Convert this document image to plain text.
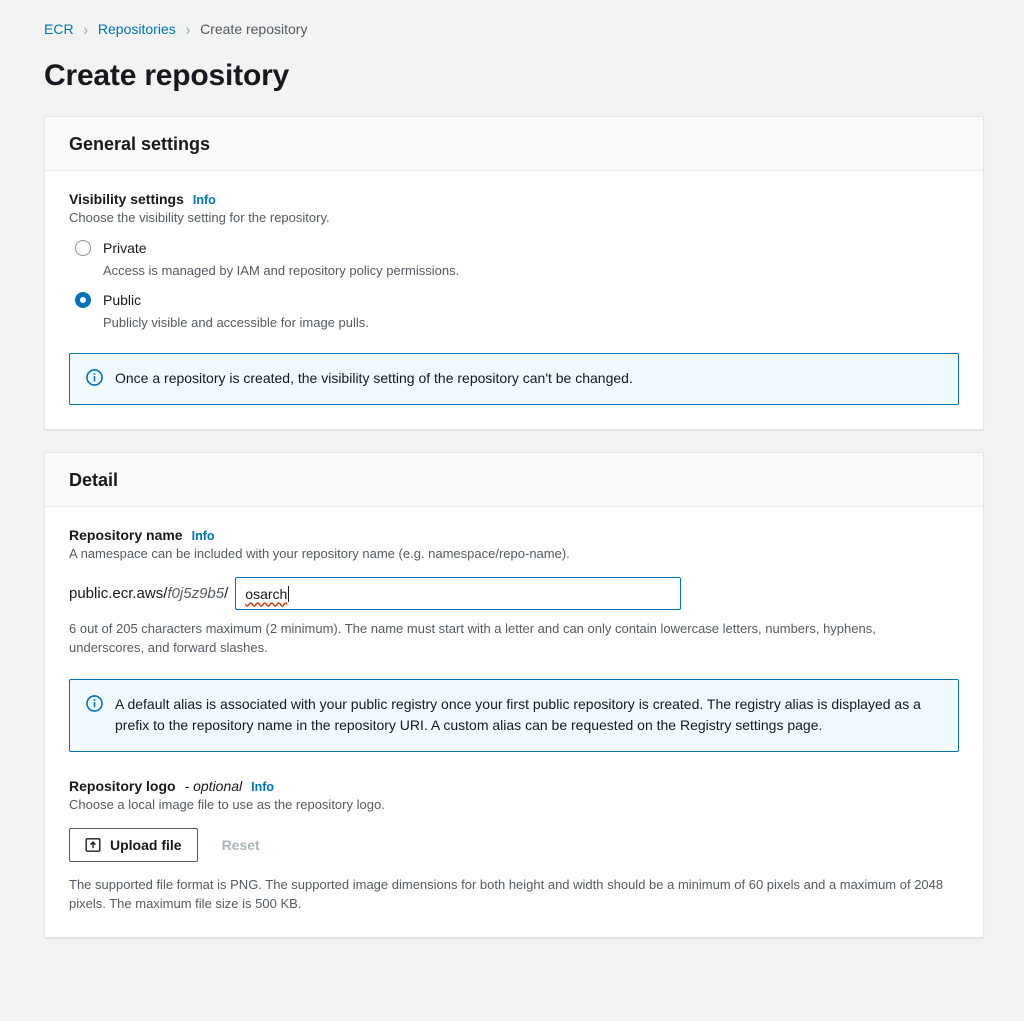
ECR › Repositories › Create repository
Create repository
General settings
Visibility settings Info
Choose the visibility setting for the repository.
Private
Access is managed by IAM and repository policy permissions.
Public
Publicly visible and accessible for image pulls.
Once a repository is created, the visibility setting of the repository can't be changed.
Detail
Repository name Info
A namespace can be included with your repository name (e.g. namespace/repo-name).
public.ecr.aws/f0j5z9b5/ osarch
6 out of 205 characters maximum (2 minimum). The name must start with a letter and can only contain lowercase letters, numbers, hyphens, underscores, and forward slashes.
A default alias is associated with your public registry once your first public repository is created. The registry alias is displayed as a prefix to the repository name in the repository URI. A custom alias can be requested on the Registry settings page.
Repository logo - optional Info
Choose a local image file to use as the repository logo.
Upload file	Reset
The supported file format is PNG. The supported image dimensions for both height and width should be a minimum of 60 pixels and a maximum of 2048 pixels. The maximum file size is 500 KB.
